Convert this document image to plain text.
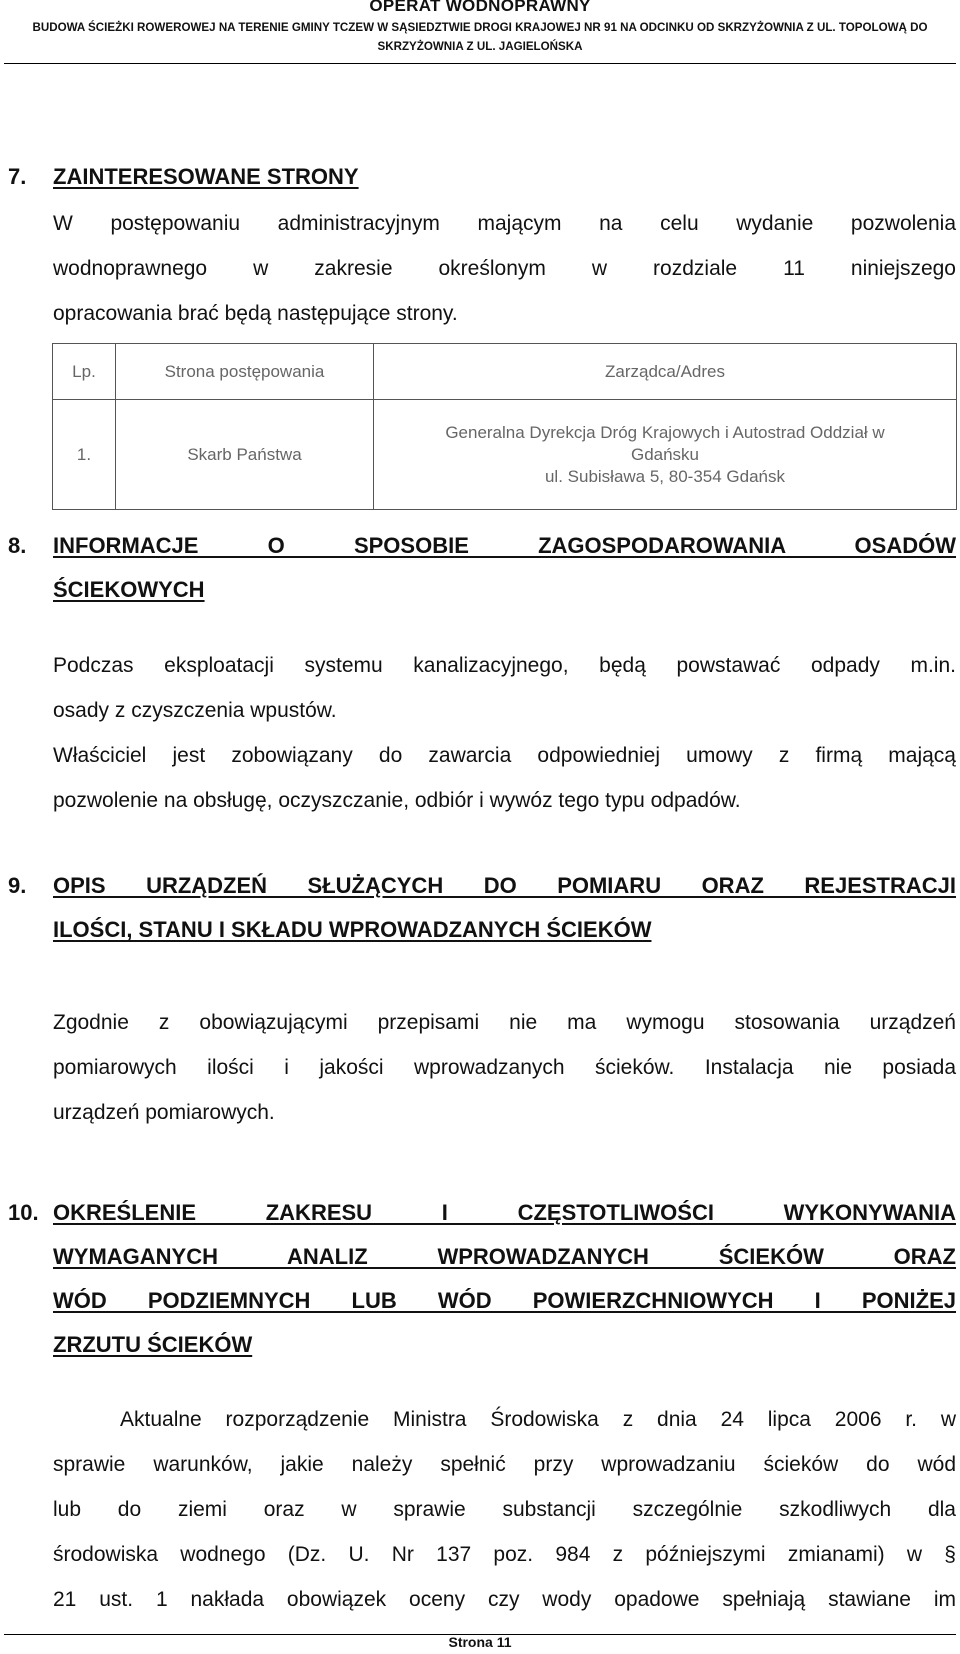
OPERAT WODNOPRAWNY
BUDOWA ŚCIEŻKI ROWEROWEJ NA TERENIE GMINY TCZEW W SĄSIEDZTWIE DROGI KRAJOWEJ NR 91 NA ODCINKU OD SKRZYŻOWNIA Z UL. TOPOLOWĄ DO
SKRZYŻOWNIA Z UL. JAGIELOŃSKA
7. ZAINTERESOWANE STRONY
W postępowaniu administracyjnym mającym na celu wydanie pozwolenia
wodnoprawnego w zakresie określonym w rozdziale 11 niniejszego
opracowania brać będą następujące strony.
Lp.	Strona postępowania	Zarządca/Adres
1.	Skarb Państwa	Generalna Dyrekcja Dróg Krajowych i Autostrad Oddział w
Gdańsku
ul. Subisława 5, 80-354 Gdańsk
8. INFORMACJE O SPOSOBIE ZAGOSPODAROWANIA OSADÓW
ŚCIEKOWYCH
Podczas eksploatacji systemu kanalizacyjnego, będą powstawać odpady m.in.
osady z czyszczenia wpustów.
Właściciel jest zobowiązany do zawarcia odpowiedniej umowy z firmą mającą
pozwolenie na obsługę, oczyszczanie, odbiór i wywóz tego typu odpadów.
9. OPIS URZĄDZEŃ SŁUŻĄCYCH DO POMIARU ORAZ REJESTRACJI
ILOŚCI, STANU I SKŁADU WPROWADZANYCH ŚCIEKÓW
Zgodnie z obowiązującymi przepisami nie ma wymogu stosowania urządzeń
pomiarowych ilości i jakości wprowadzanych ścieków. Instalacja nie posiada
urządzeń pomiarowych.
10. OKREŚLENIE ZAKRESU I CZĘSTOTLIWOŚCI WYKONYWANIA
WYMAGANYCH ANALIZ WPROWADZANYCH ŚCIEKÓW ORAZ
WÓD PODZIEMNYCH LUB WÓD POWIERZCHNIOWYCH I PONIŻEJ
ZRZUTU ŚCIEKÓW
Aktualne rozporządzenie Ministra Środowiska z dnia 24 lipca 2006 r. w
sprawie warunków, jakie należy spełnić przy wprowadzaniu ścieków do wód
lub do ziemi oraz w sprawie substancji szczególnie szkodliwych dla
środowiska wodnego (Dz. U. Nr 137 poz. 984 z późniejszymi zmianami) w §
21 ust. 1 nakłada obowiązek oceny czy wody opadowe spełniają stawiane im
Strona 11
